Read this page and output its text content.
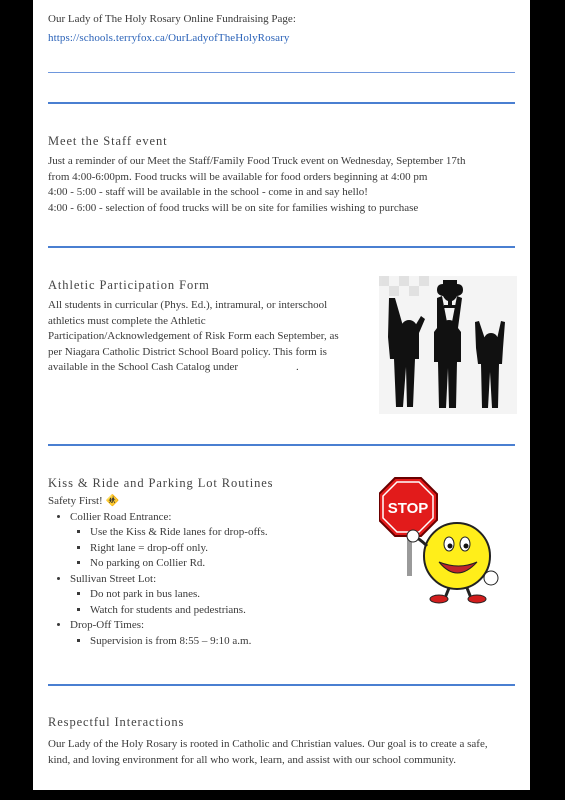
Our Lady of The Holy Rosary Online Fundraising Page:
https://schools.terryfox.ca/OurLadyofTheHolyRosary
Meet the Staff event
Just a reminder of our Meet the Staff/Family Food Truck event on Wednesday, September 17th
from 4:00-6:00pm. Food trucks will be available for food orders beginning at 4:00 pm
4:00 - 5:00 - staff will be available in the school - come in and say hello!
4:00 - 6:00 - selection of food trucks will be on site for families wishing to purchase
Athletic Participation Form
All students in curricular (Phys. Ed.), intramural, or interschool
athletics must complete the Athletic
Participation/Acknowledgement of Risk Form each September, as
per Niagara Catholic District School Board policy. This form is
available in the School Cash Catalog under	.
Kiss & Ride and Parking Lot Routines
Safety First! 🚸
• Collier Road Entrance:
▪ Use the Kiss & Ride lanes for drop-offs.
▪ Right lane = drop-off only.
▪ No parking on Collier Rd.
• Sullivan Street Lot:
▪ Do not park in bus lanes.
▪ Watch for students and pedestrians.
• Drop-Off Times:
▪ Supervision is from 8:55 – 9:10 a.m.
STOP
Respectful Interactions
Our Lady of the Holy Rosary is rooted in Catholic and Christian values. Our goal is to create a safe,
kind, and loving environment for all who work, learn, and assist with our school community.
